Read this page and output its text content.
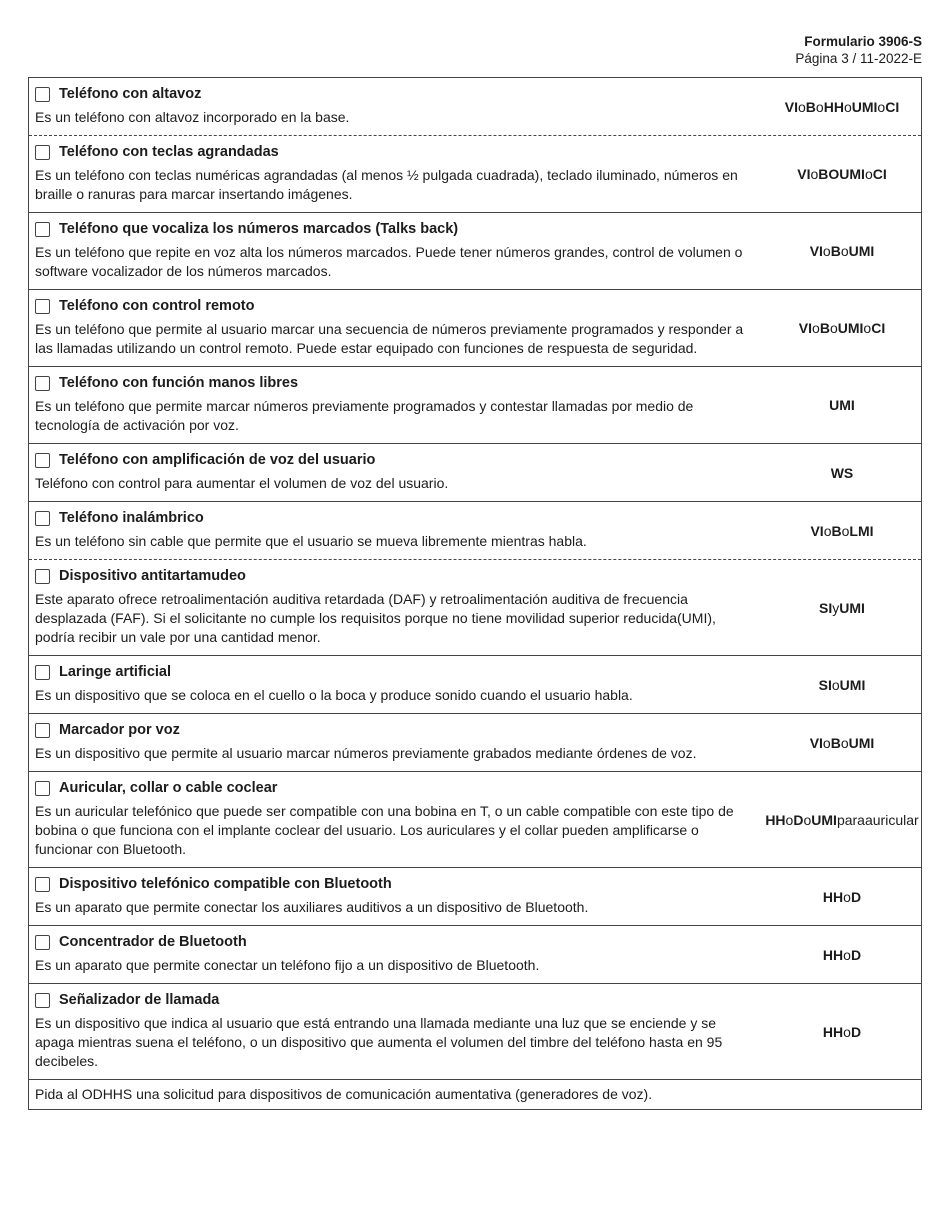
Formulario 3906-S
Página 3 / 11-2022-E
Teléfono con altavoz
Es un teléfono con altavoz incorporado en la base.
VI o B o HH o UMI o CI
Teléfono con teclas agrandadas
Es un teléfono con teclas numéricas agrandadas (al menos ½ pulgada cuadrada), teclado iluminado, números en braille o ranuras para marcar insertando imágenes.
VI o B O UMI o CI
Teléfono que vocaliza los números marcados (Talks back)
Es un teléfono que repite en voz alta los números marcados. Puede tener números grandes, control de volumen o software vocalizador de los números marcados.
VI o B o UMI
Teléfono con control remoto
Es un teléfono que permite al usuario marcar una secuencia de números previamente programados y responder a las llamadas utilizando un control remoto. Puede estar equipado con funciones de respuesta de seguridad.
VI o B o UMI o CI
Teléfono con función manos libres
Es un teléfono que permite marcar números previamente programados y contestar llamadas por medio de tecnología de activación por voz.
UMI
Teléfono con amplificación de voz del usuario
Teléfono con control para aumentar el volumen de voz del usuario.
WS
Teléfono inalámbrico
Es un teléfono sin cable que permite que el usuario se mueva libremente mientras habla.
VI o B o LMI
Dispositivo antitartamudeo
Este aparato ofrece retroalimentación auditiva retardada (DAF) y retroalimentación auditiva de frecuencia desplazada (FAF). Si el solicitante no cumple los requisitos porque no tiene movilidad superior reducida(UMI), podría recibir un vale por una cantidad menor.
SI y UMI
Laringe artificial
Es un dispositivo que se coloca en el cuello o la boca y produce sonido cuando el usuario habla.
SI o UMI
Marcador por voz
Es un dispositivo que permite al usuario marcar números previamente grabados mediante órdenes de voz.
VI o B o UMI
Auricular, collar o cable coclear
Es un auricular telefónico que puede ser compatible con una bobina en T, o un cable compatible con este tipo de bobina o que funciona con el implante coclear del usuario. Los auriculares y el collar pueden amplificarse o funcionar con Bluetooth.
HH o D o UMI para auricular
Dispositivo telefónico compatible con Bluetooth
Es un aparato que permite conectar los auxiliares auditivos a un dispositivo de Bluetooth.
HH o D
Concentrador de Bluetooth
Es un aparato que permite conectar un teléfono fijo a un dispositivo de Bluetooth.
HH o D
Señalizador de llamada
Es un dispositivo que indica al usuario que está entrando una llamada mediante una luz que se enciende y se apaga mientras suena el teléfono, o un dispositivo que aumenta el volumen del timbre del teléfono hasta en 95 decibeles.
HH o D
Pida al ODHHS una solicitud para dispositivos de comunicación aumentativa (generadores de voz).
